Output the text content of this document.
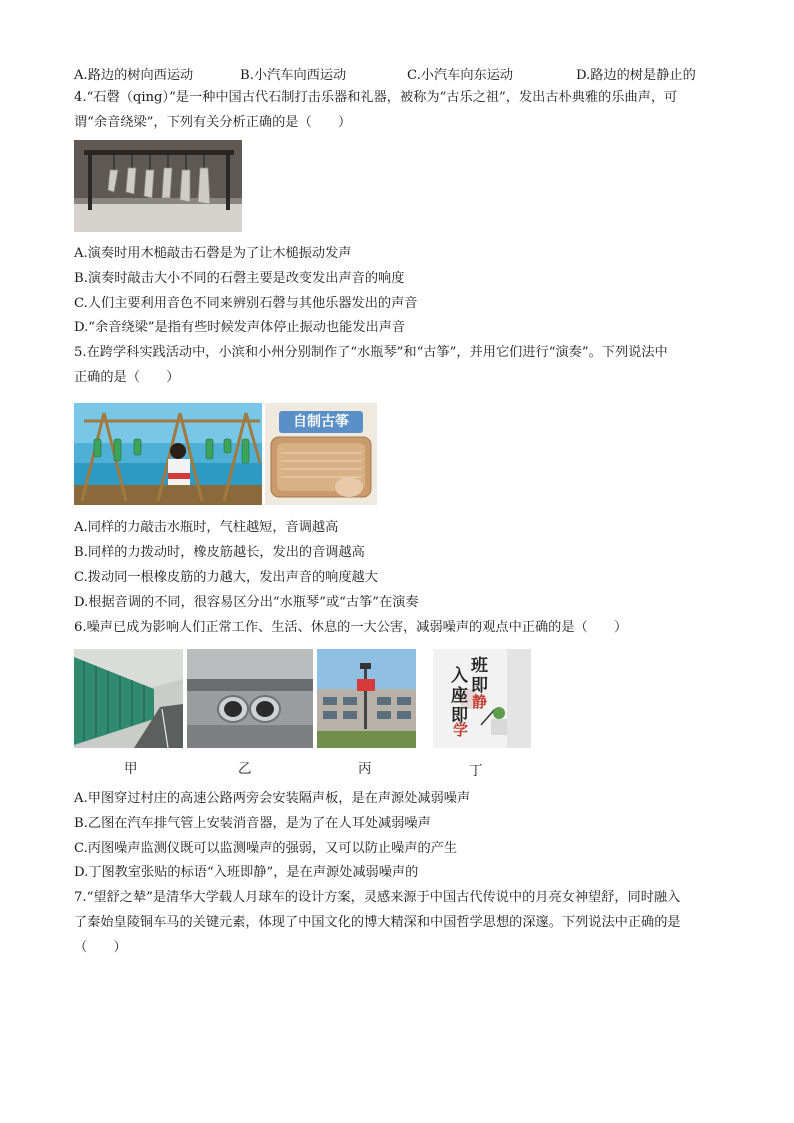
A.路边的树向西运动	B.小汽车向西运动	C.小汽车向东运动	D.路边的树是静止的
4.“石磬（qing）”是一种中国古代石制打击乐器和礼器，被称为“古乐之祖”，发出古朴典雅的乐曲声，可
谓“余音绕梁”，下列有关分析正确的是（　　）
A.演奏时用木槌敲击石磬是为了让木槌振动发声
B.演奏时敲击大小不同的石磬主要是改变发出声音的响度
C.人们主要利用音色不同来辨别石磬与其他乐器发出的声音
D.“余音绕梁”是指有些时候发声体停止振动也能发出声音
5.在跨学科实践活动中，小滨和小州分别制作了“水瓶琴”和“古筝”，并用它们进行“演奏”。下列说法中
正确的是（　　）
自制古筝
A.同样的力敲击水瓶时，气柱越短，音调越高
B.同样的力拨动时，橡皮筋越长，发出的音调越高
C.拨动同一根橡皮筋的力越大，发出声音的响度越大
D.根据音调的不同，很容易区分出“水瓶琴”或“古筝”在演奏
6.噪声已成为影响人们正常工作、生活、休息的一大公害，减弱噪声的观点中正确的是（　　）
入 班
即
座
即
静
学
甲	乙	丙	丁
A.甲图穿过村庄的高速公路两旁会安装隔声板，是在声源处减弱噪声
B.乙图在汽车排气管上安装消音器，是为了在人耳处减弱噪声
C.丙图噪声监测仪既可以监测噪声的强弱，又可以防止噪声的产生
D.丁图教室张贴的标语“入班即静”，是在声源处减弱噪声的
7.“望舒之辇”是清华大学载人月球车的设计方案，灵感来源于中国古代传说中的月亮女神望舒，同时融入
了秦始皇陵铜车马的关键元素，体现了中国文化的博大精深和中国哲学思想的深邃。下列说法中正确的是
（　　）
